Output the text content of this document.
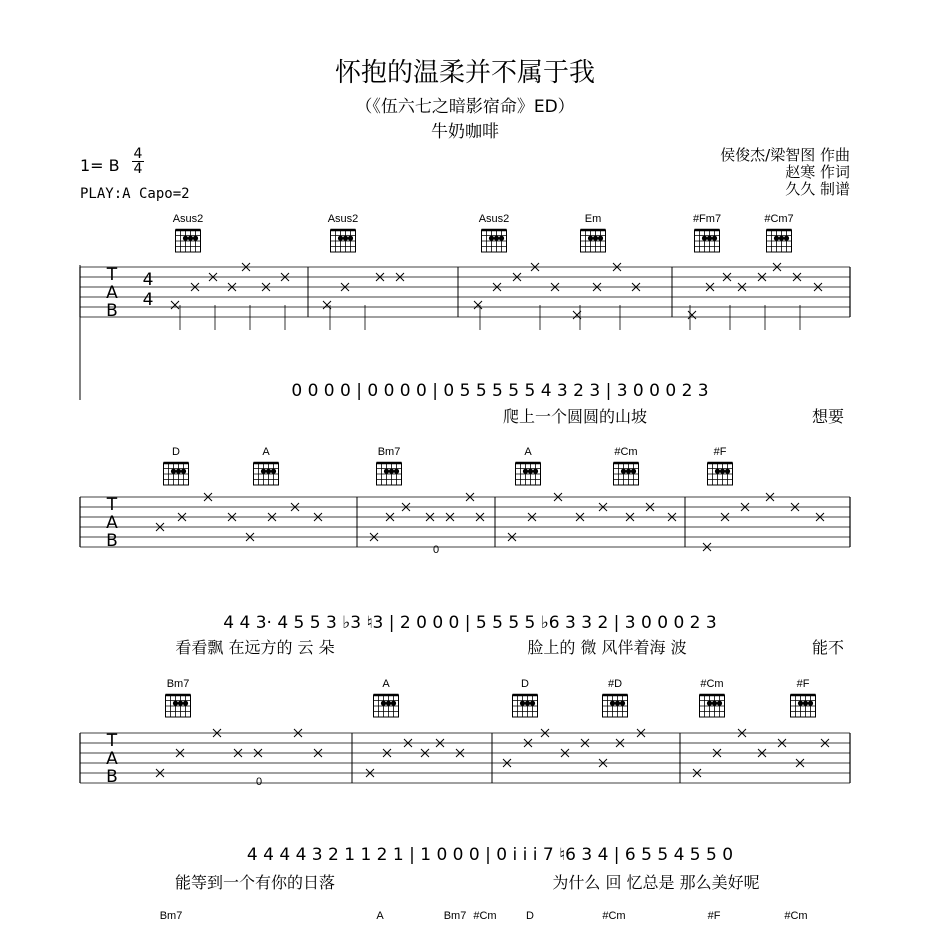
怀抱的温柔并不属于我
（《伍六七之暗影宿命》ED）
牛奶咖啡
1= B
4
4
PLAY:A Capo=2
侯俊杰/梁智图 作曲
赵寒 作词
久久 制谱
Asus2	Asus2	Asus2	Em	#Fm7	#Cm7
T
A
B
4
4
0 0 0 0 | 0 0 0 0 | 0 5 5 5 5 5 4 3 2 3 | 3 0 0 0 2 3
爬上一个圆圆的山坡	想要
D	A	Bm7	A	#Cm	#F
T
A
B	0
4 4 3· 4 5 5 3 ♭3 ♮3 | 2 0 0 0 | 5 5 5 5 ♭6 3 3 2 | 3 0 0 0 2 3
看看飘 在远方的 云 朵	脸上的 微 风伴着海 波	能不
Bm7	A	D	#D	#Cm	#F
T
A
B	0
4 4 4 4 3 2 1 1 2 1 | 1 0 0 0 | 0 i i i 7 ♮6 3 4 | 6 5 5 4 5 5 0
能等到一个有你的日落	为什么 回 忆总是 那么美好呢
Bm7	A	Bm7 #Cm	D	#Cm	#F	#Cm
